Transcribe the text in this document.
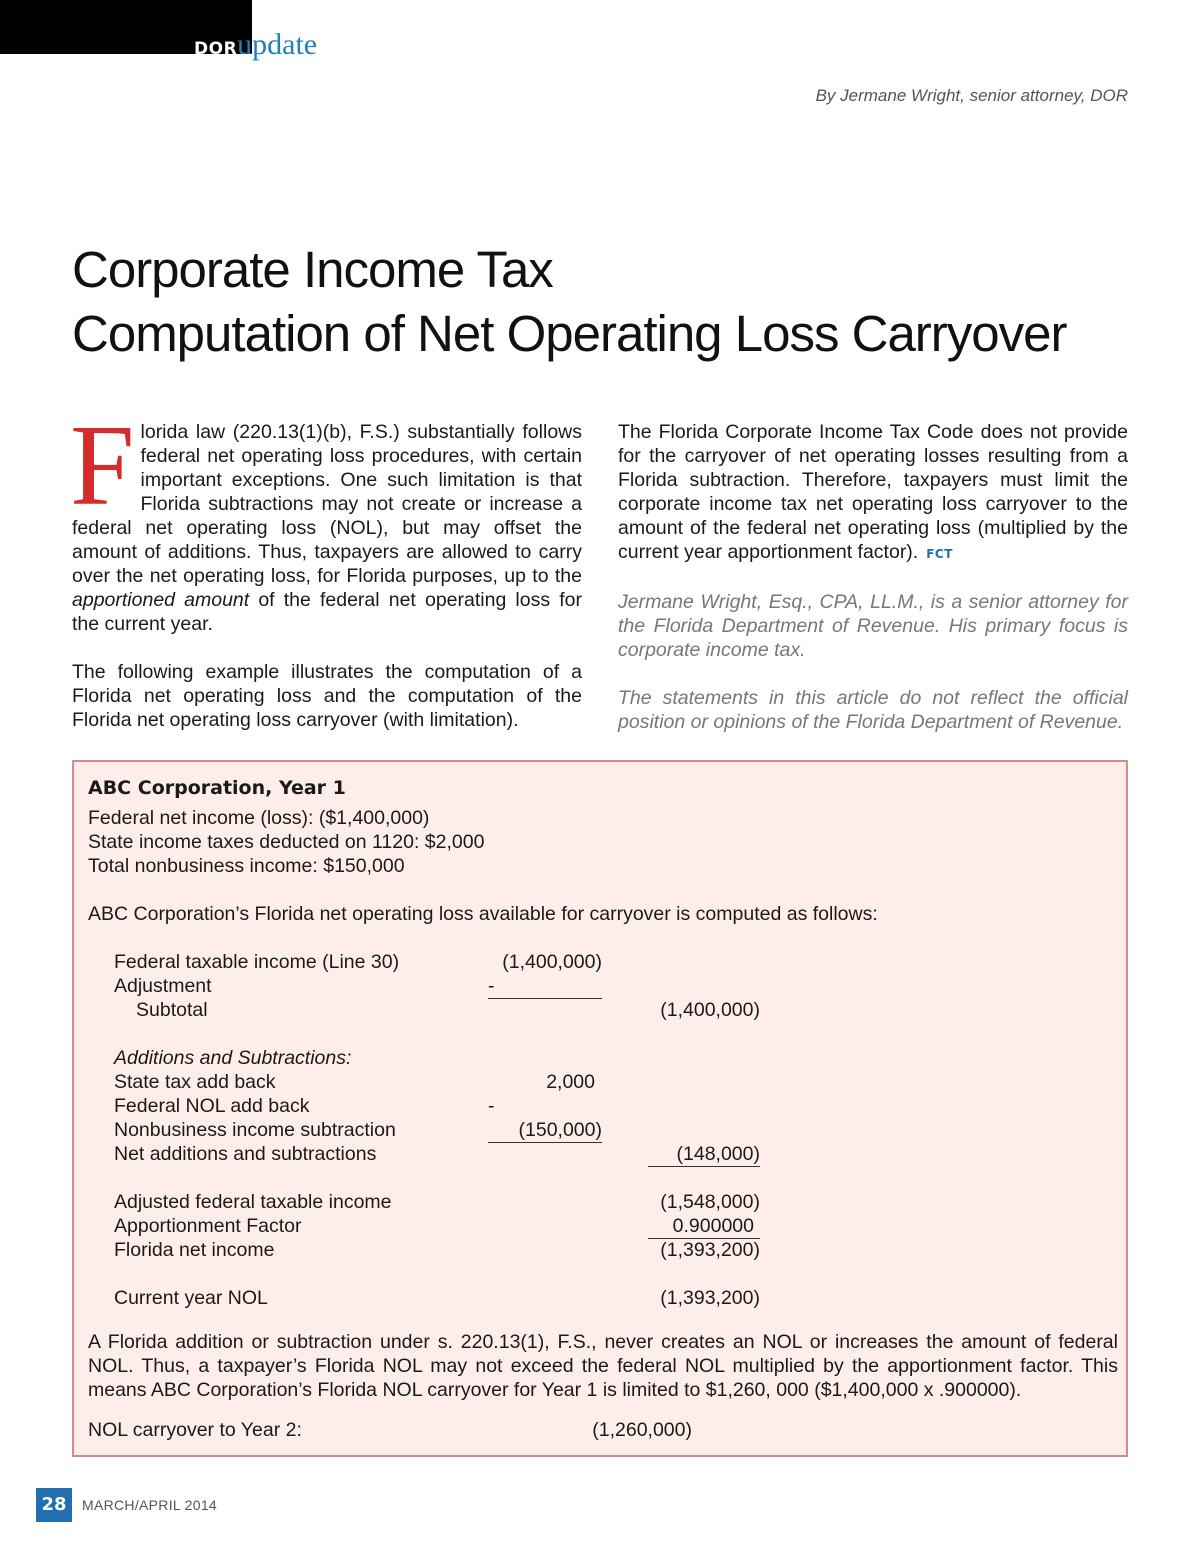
DORupdate
By Jermane Wright, senior attorney, DOR
Corporate Income Tax
Computation of Net Operating Loss Carryover

Florida law (220.13(1)(b), F.S.) substantially follows federal net operating loss procedures, with certain important exceptions. One such limitation is that Florida subtractions may not create or increase a federal net operating loss (NOL), but may offset the amount of additions. Thus, taxpayers are allowed to carry over the net operating loss, for Florida purposes, up to the apportioned amount of the federal net operating loss for the current year.

The following example illustrates the computation of a Florida net operating loss and the computation of the Florida net operating loss carryover (with limitation).

The Florida Corporate Income Tax Code does not provide for the carryover of net operating losses resulting from a Florida subtraction. Therefore, taxpayers must limit the corporate income tax net operating loss carryover to the amount of the federal net operating loss (multiplied by the current year apportionment factor). FCT

Jermane Wright, Esq., CPA, LL.M., is a senior attorney for the Florida Department of Revenue. His primary focus is corporate income tax.

The statements in this article do not reflect the official position or opinions of the Florida Department of Revenue.

ABC Corporation, Year 1
Federal net income (loss): ($1,400,000)
State income taxes deducted on 1120: $2,000
Total nonbusiness income: $150,000
ABC Corporation’s Florida net operating loss available for carryover is computed as follows:
Federal taxable income (Line 30)	(1,400,000)
Adjustment	-
Subtotal	(1,400,000)
Additions and Subtractions:
State tax add back	2,000
Federal NOL add back	-
Nonbusiness income subtraction	(150,000)
Net additions and subtractions	(148,000)
Adjusted federal taxable income	(1,548,000)
Apportionment Factor	0.900000
Florida net income	(1,393,200)
Current year NOL	(1,393,200)
A Florida addition or subtraction under s. 220.13(1), F.S., never creates an NOL or increases the amount of federal NOL. Thus, a taxpayer’s Florida NOL may not exceed the federal NOL multiplied by the apportionment factor. This means ABC Corporation’s Florida NOL carryover for Year 1 is limited to $1,260, 000 ($1,400,000 x .900000).
NOL carryover to Year 2:	(1,260,000)
28	MARCH/APRIL 2014
